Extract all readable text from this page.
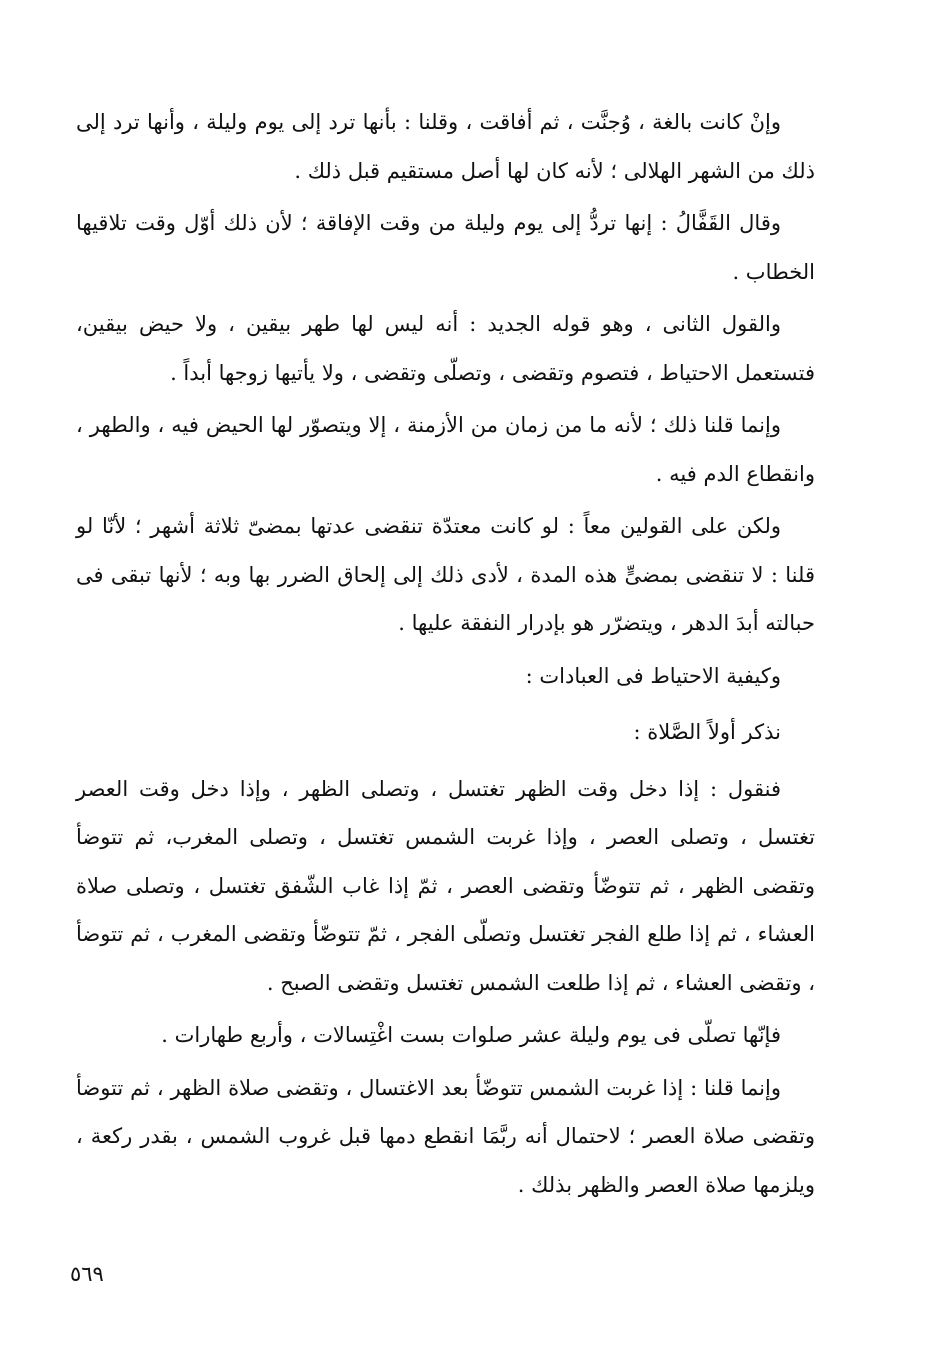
وإنْ كانت بالغة ، وُجنَّت ، ثم أفاقت ، وقلنا : بأنها ترد إلى يوم وليلة ، وأنها ترد إلى ذلك من الشهر الهلالى ؛ لأنه كان لها أصل مستقيم قبل ذلك .

وقال القَفَّالُ : إنها تردُّ إلى يوم وليلة من وقت الإفاقة ؛ لأن ذلك أوّل وقت تلاقيها الخطاب .

والقول الثانى ، وهو قوله الجديد : أنه ليس لها طهر بيقين ، ولا حيض بيقين، فتستعمل الاحتياط ، فتصوم وتقضى ، وتصلّى وتقضى ، ولا يأتيها زوجها أبداً .

وإنما قلنا ذلك ؛ لأنه ما من زمان من الأزمنة ، إلا ويتصوّر لها الحيض فيه ، والطهر ، وانقطاع الدم فيه .

ولكن على القولين معاً : لو كانت معتدّة تنقضى عدتها بمضىّ ثلاثة أشهر ؛ لأنّا لو قلنا : لا تنقضى بمضىٍّ هذه المدة ، لأدى ذلك إلى إلحاق الضرر بها وبه ؛ لأنها تبقى فى حبالته أبدَ الدهر ، ويتضرّر هو بإدرار النفقة عليها .

وكيفية الاحتياط فى العبادات :

نذكر أولاً الصَّلاة :

فنقول : إذا دخل وقت الظهر تغتسل ، وتصلى الظهر ، وإذا دخل وقت العصر تغتسل ، وتصلى العصر ، وإذا غربت الشمس تغتسل ، وتصلى المغرب، ثم تتوضأ وتقضى الظهر ، ثم تتوضّأ وتقضى العصر ، ثمّ إذا غاب الشّفق تغتسل ، وتصلى صلاة العشاء ، ثم إذا طلع الفجر تغتسل وتصلّى الفجر ، ثمّ تتوضّأ وتقضى المغرب ، ثم تتوضأ ، وتقضى العشاء ، ثم إذا طلعت الشمس تغتسل وتقضى الصبح .

فإنّها تصلّى فى يوم وليلة عشر صلوات بست اغْتِسالات ، وأربع طهارات .

وإنما قلنا : إذا غربت الشمس تتوضّأ بعد الاغتسال ، وتقضى صلاة الظهر ، ثم تتوضأ وتقضى صلاة العصر ؛ لاحتمال أنه ربَّمَا انقطع دمها قبل غروب الشمس ، بقدر ركعة ، ويلزمها صلاة العصر والظهر بذلك .

٥٦٩
